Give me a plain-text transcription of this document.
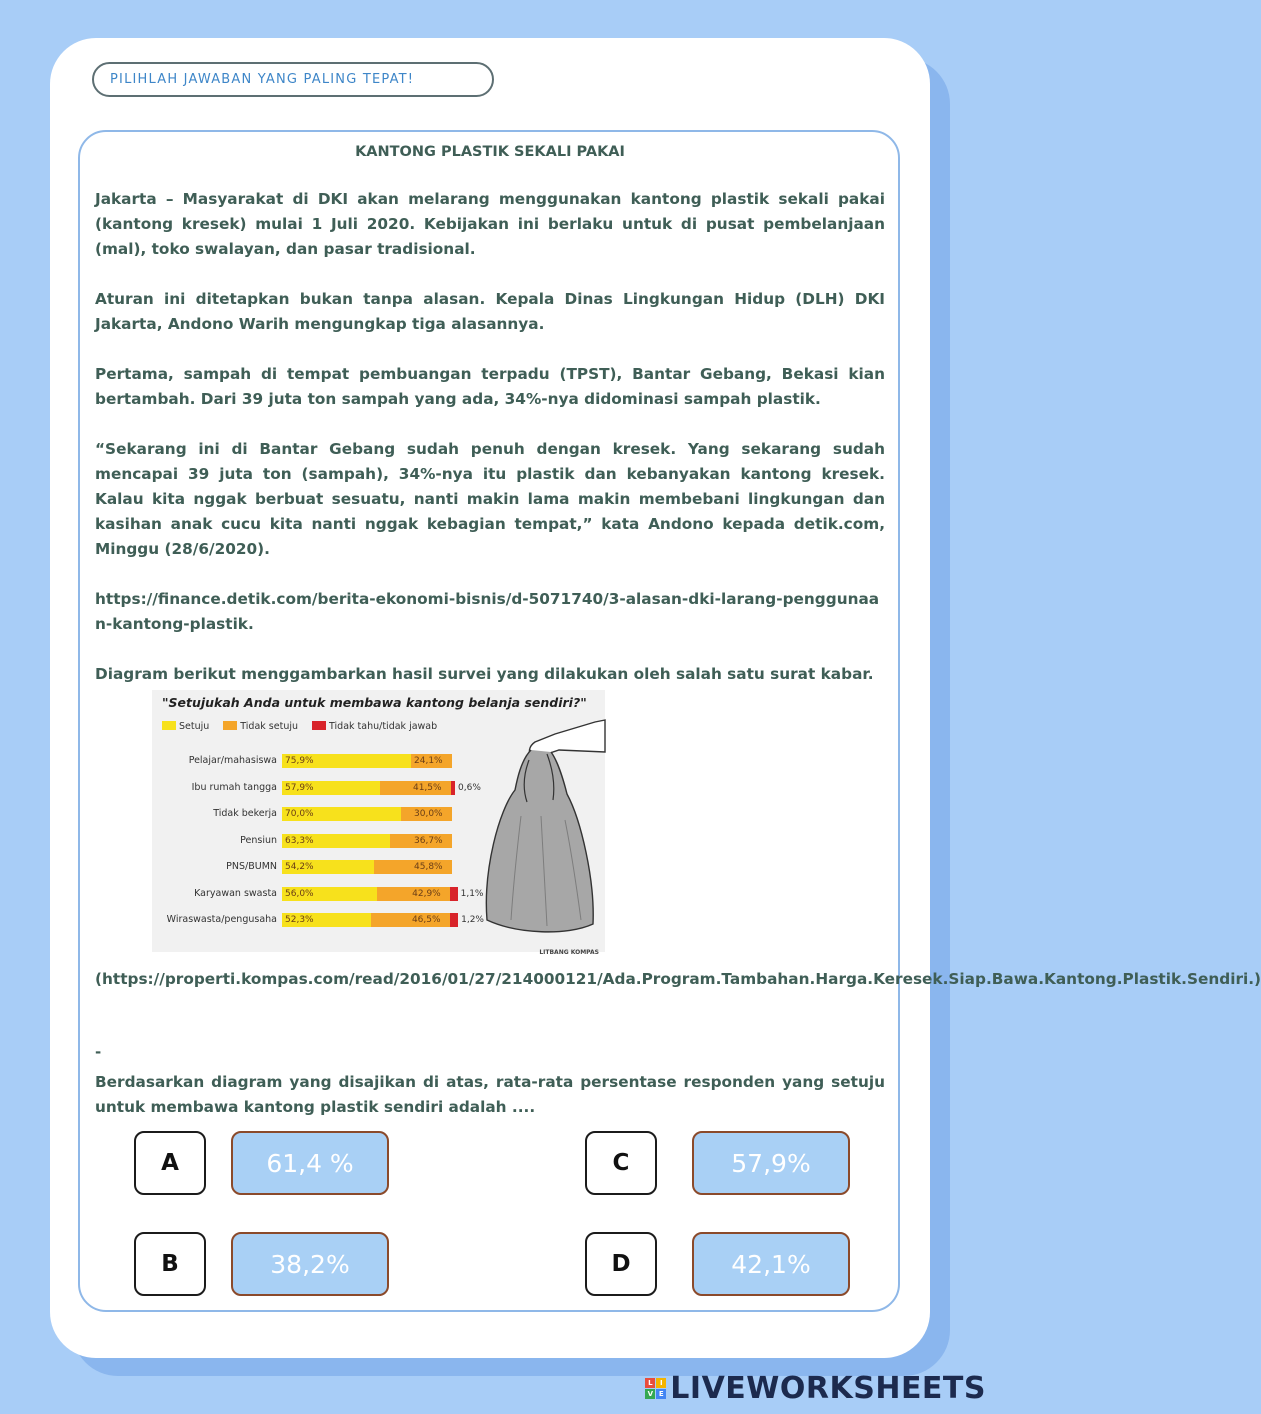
PILIHLAH JAWABAN YANG PALING TEPAT!

KANTONG PLASTIK SEKALI PAKAI

Jakarta – Masyarakat di DKI akan melarang menggunakan kantong plastik sekali pakai (kantong kresek) mulai 1 Juli 2020. Kebijakan ini berlaku untuk di pusat pembelanjaan (mal), toko swalayan, dan pasar tradisional.

Aturan ini ditetapkan bukan tanpa alasan. Kepala Dinas Lingkungan Hidup (DLH) DKI Jakarta, Andono Warih mengungkap tiga alasannya.

Pertama, sampah di tempat pembuangan terpadu (TPST), Bantar Gebang, Bekasi kian bertambah. Dari 39 juta ton sampah yang ada, 34%-nya didominasi sampah plastik.

“Sekarang ini di Bantar Gebang sudah penuh dengan kresek. Yang sekarang sudah mencapai 39 juta ton (sampah), 34%-nya itu plastik dan kebanyakan kantong kresek. Kalau kita nggak berbuat sesuatu, nanti makin lama makin membebani lingkungan dan kasihan anak cucu kita nanti nggak kebagian tempat,” kata Andono kepada detik.com, Minggu (28/6/2020).

https://finance.detik.com/berita-ekonomi-bisnis/d-5071740/3-alasan-dki-larang-penggunaan-kantong-plastik.

Diagram berikut menggambarkan hasil survei yang dilakukan oleh salah satu surat kabar.

"Setujukah Anda untuk membawa kantong belanja sendiri?"
Setuju	Tidak setuju	Tidak tahu/tidak jawab
Pelajar/mahasiswa 75,9%	24,1%
Ibu rumah tangga 57,9%	41,5% 0,6%
Tidak bekerja 70,0%	30,0%
Pensiun 63,3%	36,7%
PNS/BUMN 54,2%	45,8%
Karyawan swasta 56,0%	42,9% 1,1%
Wiraswasta/pengusaha 52,3%	46,5% 1,2%
LITBANG KOMPAS
(https://properti.kompas.com/read/2016/01/27/214000121/Ada.Program.Tambahan.Harga.Keresek.Siap.Bawa.Kantong.Plastik.Sendiri.)
-
Berdasarkan diagram yang disajikan di atas, rata-rata persentase responden yang setuju untuk membawa kantong plastik sendiri adalah ....
A	61,4 %
B	38,2%
C	57,9%
D	42,1%
L	I
V E LIVEWORKSHEETS
